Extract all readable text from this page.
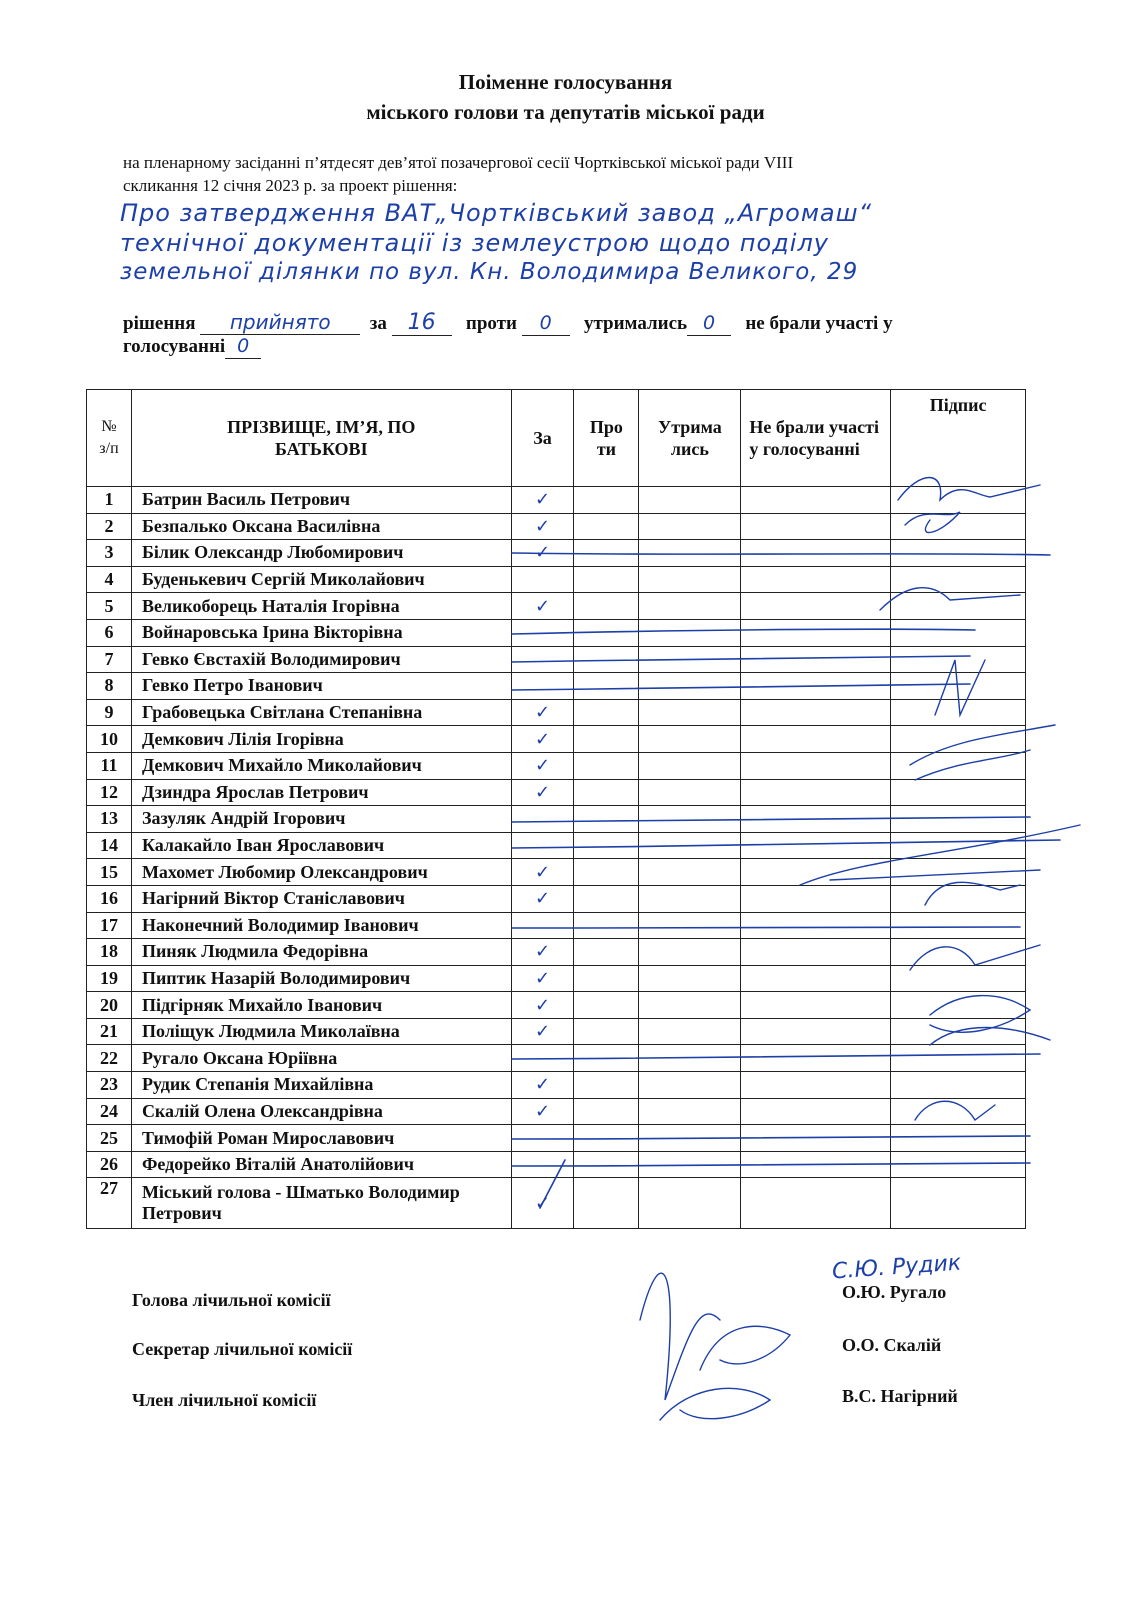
Поіменне голосування
міського голови та депутатів міської ради
на пленарному засіданні п’ятдесят дев’ятої позачергової сесії Чортківської міської ради VIII
скликання 12 січня 2023 р. за проект рішення:
Про затвердження ВАТ„Чортківський завод „Агромаш“
технічної документації із землеустрою щодо поділу
земельної ділянки по вул. Кн. Володимира Великого, 29
рішення прийнято за 16 проти 0 утримались 0 не брали участі у
голосуванні 0
№ з/п	ПРІЗВИЩЕ, ІМ’Я, ПО БАТЬКОВІ	За	Про ти	Утрима лись	Не брали участі у голосуванні	Підпис
1	Батрин Василь Петрович	✓				
2	Безпалько Оксана Василівна	✓				
3	Білик Олександр Любомирович	✓				
4	Буденькевич Сергій Миколайович					
5	Великоборець Наталія Ігорівна	✓				
6	Войнаровська Ірина Вікторівна					
7	Гевко Євстахій Володимирович					
8	Гевко Петро Іванович					
9	Грабовецька Світлана Степанівна	✓				
10	Демкович Лілія Ігорівна	✓				
11	Демкович Михайло Миколайович	✓				
12	Дзиндра Ярослав Петрович	✓				
13	Зазуляк Андрій Ігорович					
14	Калакайло Іван Ярославович					
15	Махомет Любомир Олександрович	✓				
16	Нагірний Віктор Станіславович	✓				
17	Наконечний Володимир Іванович					
18	Пиняк Людмила Федорівна	✓				
19	Пиптик Назарій Володимирович	✓				
20	Підгірняк Михайло Іванович	✓				
21	Поліщук Людмила Миколаївна	✓				
22	Ругало Оксана Юріївна					
23	Рудик Степанія Михайлівна	✓				
24	Скалій Олена Олександрівна	✓				
25	Тимофій Роман Мирославович					
26	Федорейко Віталій Анатолійович					
27	Міський голова - Шматько Володимир Петрович	✓				
Голова лічильної комісії	О.Ю. Ругало
С.Ю. Рудик
Секретар лічильної комісії	О.О. Скалій
Член лічильної комісії	В.С. Нагірний
